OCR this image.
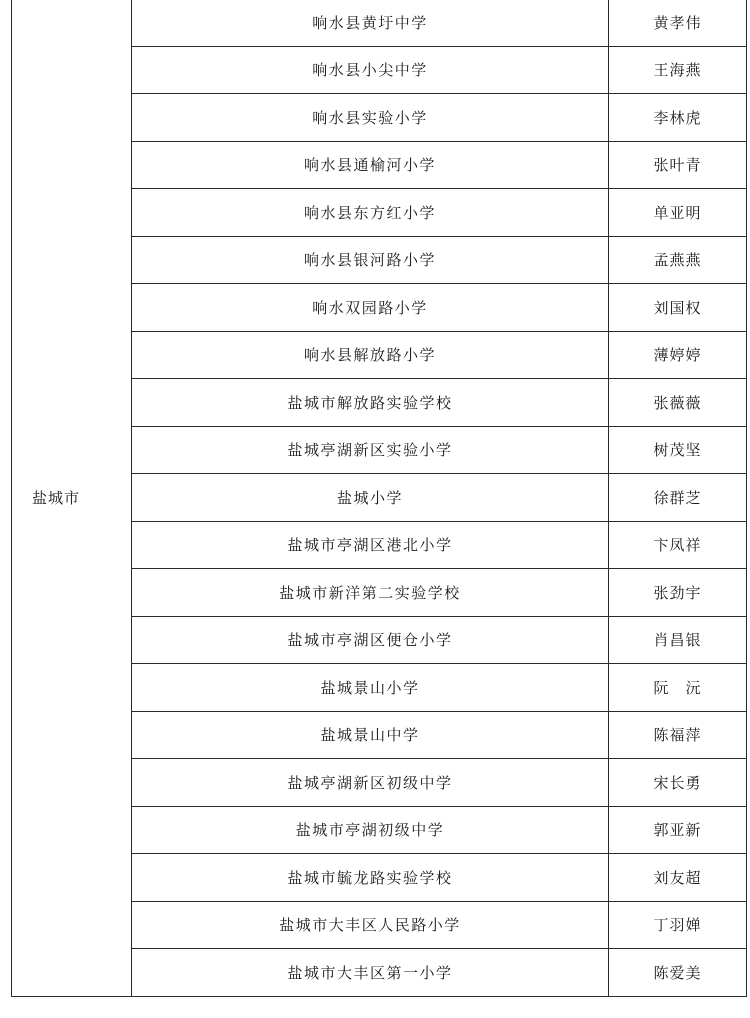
盐城市	响水县黄圩中学	黄孝伟
	响水县小尖中学	王海燕
	响水县实验小学	李林虎
	响水县通榆河小学	张叶青
	响水县东方红小学	单亚明
	响水县银河路小学	孟燕燕
	响水双园路小学	刘国权
	响水县解放路小学	薄婷婷
	盐城市解放路实验学校	张薇薇
	盐城亭湖新区实验小学	树茂坚
	盐城小学	徐群芝
	盐城市亭湖区港北小学	卞凤祥
	盐城市新洋第二实验学校	张劲宇
	盐城市亭湖区便仓小学	肖昌银
	盐城景山小学	阮　沅
	盐城景山中学	陈福萍
	盐城亭湖新区初级中学	宋长勇
	盐城市亭湖初级中学	郭亚新
	盐城市毓龙路实验学校	刘友超
	盐城市大丰区人民路小学	丁羽婵
	盐城市大丰区第一小学	陈爱美
